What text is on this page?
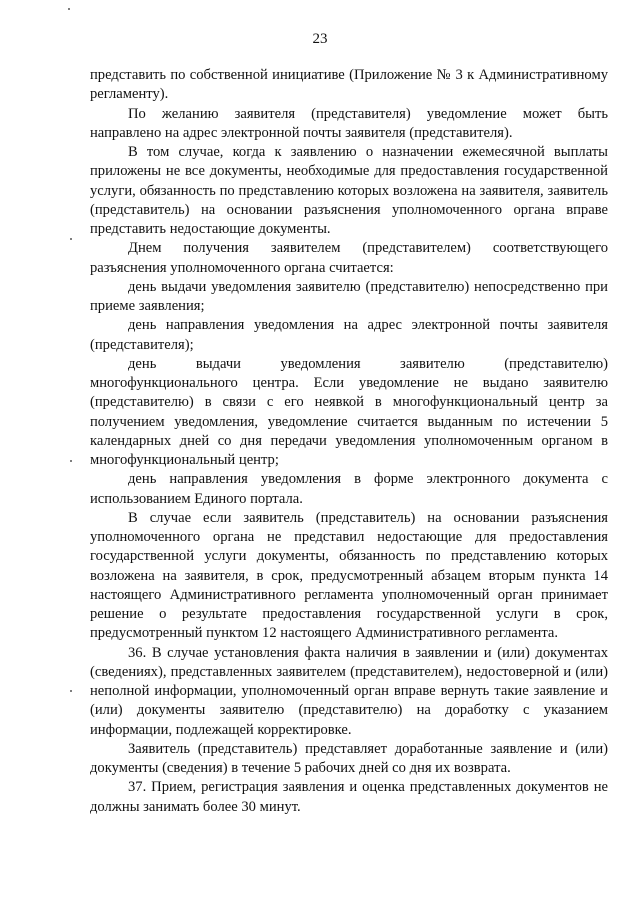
23

представить по собственной инициативе (Приложение № 3 к Административному регламенту).

По желанию заявителя (представителя) уведомление может быть направлено на адрес электронной почты заявителя (представителя).

В том случае, когда к заявлению о назначении ежемесячной выплаты приложены не все документы, необходимые для предоставления государственной услуги, обязанность по представлению которых возложена на заявителя, заявитель (представитель) на основании разъяснения уполномоченного органа вправе представить недостающие документы.

Днем получения заявителем (представителем) соответствующего разъяснения уполномоченного органа считается:

день выдачи уведомления заявителю (представителю) непосредственно при приеме заявления;

день направления уведомления на адрес электронной почты заявителя (представителя);

день выдачи уведомления заявителю (представителю) многофункционального центра. Если уведомление не выдано заявителю (представителю) в связи с его неявкой в многофункциональный центр за получением уведомления, уведомление считается выданным по истечении 5 календарных дней со дня передачи уведомления уполномоченным органом в многофункциональный центр;

день направления уведомления в форме электронного документа с использованием Единого портала.

В случае если заявитель (представитель) на основании разъяснения уполномоченного органа не представил недостающие для предоставления государственной услуги документы, обязанность по представлению которых возложена на заявителя, в срок, предусмотренный абзацем вторым пункта 14 настоящего Административного регламента уполномоченный орган принимает решение о результате предоставления государственной услуги в срок, предусмотренный пунктом 12 настоящего Административного регламента.

36. В случае установления факта наличия в заявлении и (или) документах (сведениях), представленных заявителем (представителем), недостоверной и (или) неполной информации, уполномоченный орган вправе вернуть такие заявление и (или) документы заявителю (представителю) на доработку с указанием информации, подлежащей корректировке.

Заявитель (представитель) представляет доработанные заявление и (или) документы (сведения) в течение 5 рабочих дней со дня их возврата.

37. Прием, регистрация заявления и оценка представленных документов не должны занимать более 30 минут.
